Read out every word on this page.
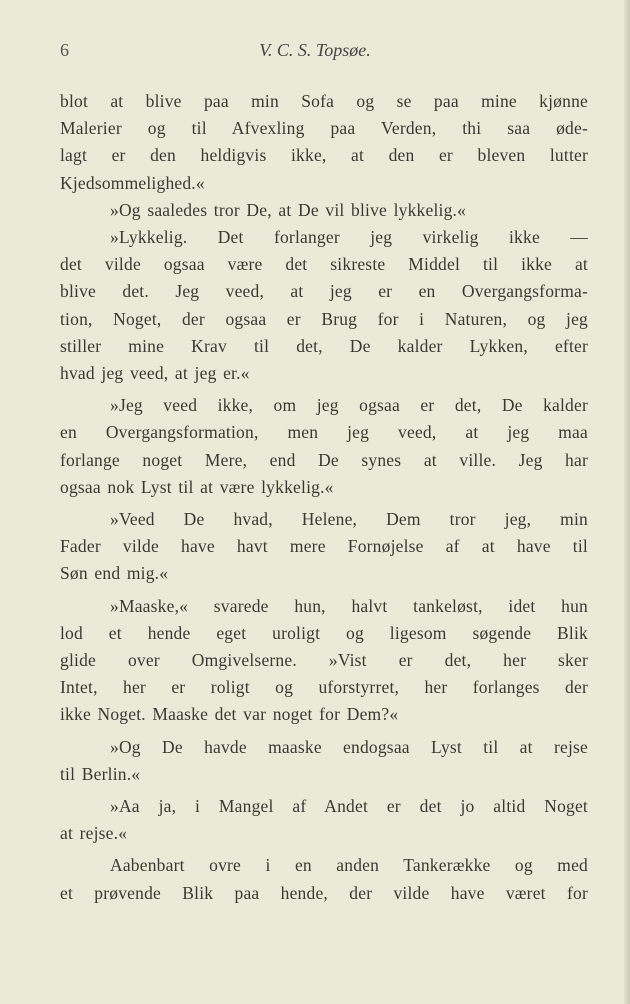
6	V. C. S. Topsøe.
blot at blive paa min Sofa og se paa mine kjønne
Malerier og til Afvexling paa Verden, thi saa øde-
lagt er den heldigvis ikke, at den er bleven lutter
Kjedsommelighed.«
»Og saaledes tror De, at De vil blive lykkelig.«
»Lykkelig. Det forlanger jeg virkelig ikke —
det vilde ogsaa være det sikreste Middel til ikke at
blive det. Jeg veed, at jeg er en Overgangsforma-
tion, Noget, der ogsaa er Brug for i Naturen, og jeg
stiller mine Krav til det, De kalder Lykken, efter
hvad jeg veed, at jeg er.«
»Jeg veed ikke, om jeg ogsaa er det, De kalder
en Overgangsformation, men jeg veed, at jeg maa
forlange noget Mere, end De synes at ville. Jeg har
ogsaa nok Lyst til at være lykkelig.«
»Veed De hvad, Helene, Dem tror jeg, min
Fader vilde have havt mere Fornøjelse af at have til
Søn end mig.«
»Maaske,« svarede hun, halvt tankeløst, idet hun
lod et hende eget uroligt og ligesom søgende Blik
glide over Omgivelserne. »Vist er det, her sker
Intet, her er roligt og uforstyrret, her forlanges der
ikke Noget. Maaske det var noget for Dem?«
»Og De havde maaske endogsaa Lyst til at rejse
til Berlin.«
»Aa ja, i Mangel af Andet er det jo altid Noget
at rejse.«
Aabenbart ovre i en anden Tankerække og med
et prøvende Blik paa hende, der vilde have været for
